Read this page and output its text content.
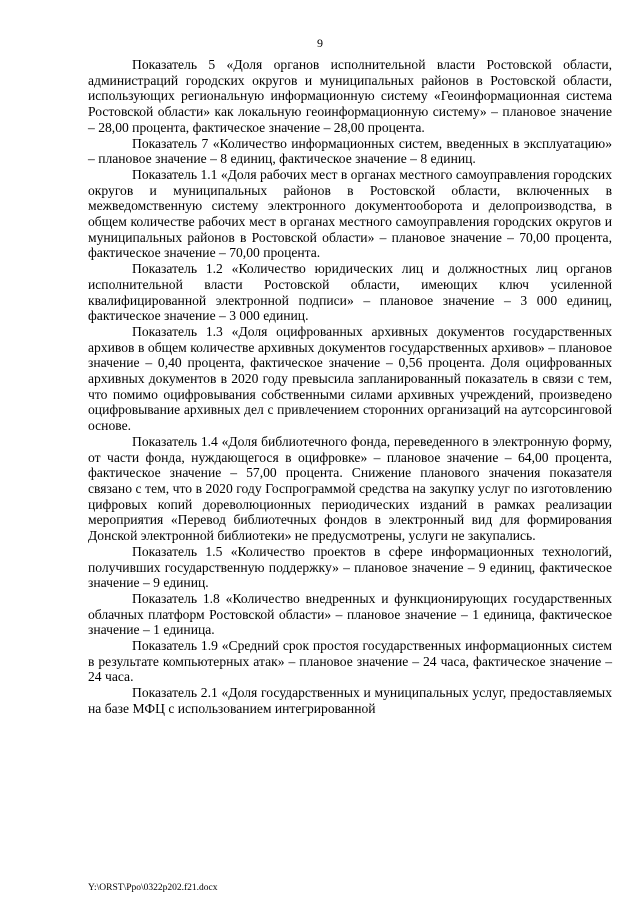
9

Показатель 5 «Доля органов исполнительной власти Ростовской области, администраций городских округов и муниципальных районов в Ростовской области, использующих региональную информационную систему «Геоинформационная система Ростовской области» как локальную геоинформационную систему» – плановое значение – 28,00 процента, фактическое значение – 28,00 процента.

Показатель 7 «Количество информационных систем, введенных в эксплуатацию» – плановое значение – 8 единиц, фактическое значение – 8 единиц.

Показатель 1.1 «Доля рабочих мест в органах местного самоуправления городских округов и муниципальных районов в Ростовской области, включенных в межведомственную систему электронного документооборота и делопроизводства, в общем количестве рабочих мест в органах местного самоуправления городских округов и муниципальных районов в Ростовской области» – плановое значение – 70,00 процента, фактическое значение – 70,00 процента.

Показатель 1.2 «Количество юридических лиц и должностных лиц органов исполнительной власти Ростовской области, имеющих ключ усиленной квалифицированной электронной подписи» – плановое значение – 3 000 единиц, фактическое значение – 3 000 единиц.

Показатель 1.3 «Доля оцифрованных архивных документов государственных архивов в общем количестве архивных документов государственных архивов» – плановое значение – 0,40 процента, фактическое значение – 0,56 процента. Доля оцифрованных архивных документов в 2020 году превысила запланированный показатель в связи с тем, что помимо оцифровывания собственными силами архивных учреждений, произведено оцифровывание архивных дел с привлечением сторонних организаций на аутсорсинговой основе.

Показатель 1.4 «Доля библиотечного фонда, переведенного в электронную форму, от части фонда, нуждающегося в оцифровке» – плановое значение – 64,00 процента, фактическое значение – 57,00 процента. Снижение планового значения показателя связано с тем, что в 2020 году Госпрограммой средства на закупку услуг по изготовлению цифровых копий дореволюционных периодических изданий в рамках реализации мероприятия «Перевод библиотечных фондов в электронный вид для формирования Донской электронной библиотеки» не предусмотрены, услуги не закупались.

Показатель 1.5 «Количество проектов в сфере информационных технологий, получивших государственную поддержку» – плановое значение – 9 единиц, фактическое значение – 9 единиц.

Показатель 1.8 «Количество внедренных и функционирующих государственных облачных платформ Ростовской области» – плановое значение – 1 единица, фактическое значение – 1 единица.

Показатель 1.9 «Средний срок простоя государственных информационных систем в результате компьютерных атак» – плановое значение – 24 часа, фактическое значение – 24 часа.

Показатель 2.1 «Доля государственных и муниципальных услуг, предоставляемых на базе МФЦ с использованием интегрированной

Y:\ORST\Ppo\0322p202.f21.docx
